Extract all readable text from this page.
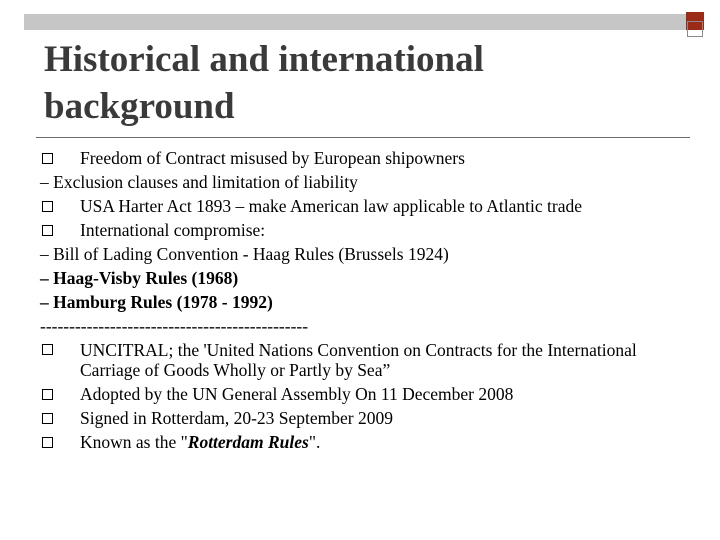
Historical and international background
Freedom of Contract misused by European shipowners
– Exclusion clauses and limitation of liability
USA Harter Act 1893 – make American law applicable to Atlantic trade
International compromise:
– Bill of Lading Convention - Haag Rules (Brussels 1924)
– Haag-Visby Rules (1968)
– Hamburg Rules (1978 - 1992)
----------------------------------------------
UNCITRAL; the 'United Nations Convention on Contracts for the International Carriage of Goods Wholly or Partly by Sea”
Adopted by the UN General Assembly On 11 December 2008
Signed in Rotterdam, 20-23 September 2009
Known as the "Rotterdam Rules".
